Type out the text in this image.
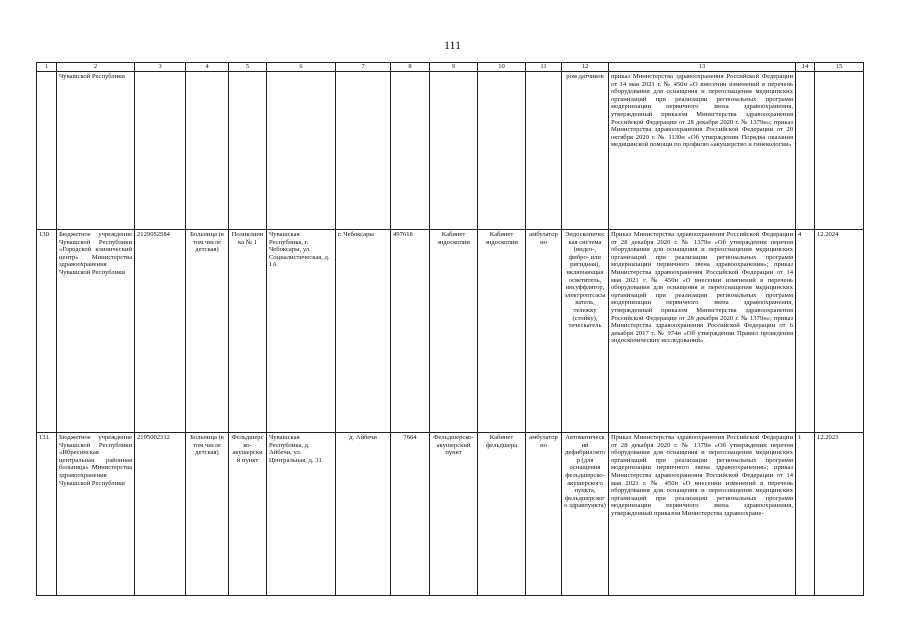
111
1	2	3	4	5	6	7	8	9	10	11	12	13	14	15
	Чувашской Республики										ром датчиков	приказ Министерства здравоохранения Российской Федерации от 14 мая 2021 г. № 450н «О внесении изменений в перечень оборудования для оснащения и переоснащения медицинских организаций при реализации региональных программ модернизации первичного звена здравоохранения, утвержденный приказом Министерства здравоохранения Российской Федерации от 28 декабря 2020 г. № 1379н»; приказ Министерства здравоохранения Российской Федерации от 20 октября 2020 г. № 1130н «Об утверждении Порядка оказания медицинской помощи по профилю «акушерство и гинекология»		
130.	Бюджетное учреждение Чувашской Республики «Городской клинический центр» Министерства здравоохранения Чувашской Республики	2129052584	Больница (в том числе детская)	Поликлиника № 1	Чувашская Республика, г. Чебоксары, ул. Социалистическая, д. 1А	г. Чебоксары	497618	Кабинет эндоскопии	Кабинет эндоскопии	амбулаторно	Эндоскопическая система (видео-, фибро- или ригидная), включающая осветитель, инсуффлятор, электроотсасыватель, тележку (стойку), теческатель	Приказ Министерства здравоохранения Российской Федерации от 28 декабря 2020 г. № 1379н «Об утверждении перечня оборудования для оснащения и переоснащения медицинских организаций при реализации региональных программ модернизации первичного звена здравоохранения»; приказ Министерства здравоохранения Российской Федерации от 14 мая 2021 г. № 450н «О внесении изменений в перечень оборудования для оснащения и переоснащения медицинских организаций при реализации региональных программ модернизации первичного звена здравоохранения, утвержденный приказом Министерства здравоохранения Российской Федерации от 28 декабря 2020 г. № 1379н»; приказ Министерства здравоохранения Российской Федерации от 6 декабря 2017 г. № 974н «Об утверждении Правил проведения эндоскопических исследований»	4	12.2024
131.	Бюджетное учреждение Чувашской Республики «Ибресинская центральная районная больница» Министерства здравоохранения Чувашской Республики	2105002312	Больница (в том числе детская)	Фельдшерско-акушерский пункт	Чувашская Республика, д. Айбечи, ул. Центральная, д. 31	д. Айбечи	7664	Фельдшерско-акушерский пункт	Кабинет фельдшера	амбулаторно	Автоматический дефибриллятор (для оснащения фельдшерско-акушерского пункта, фельдшерского здравпункта)	Приказ Министерства здравоохранения Российской Федерации от 28 декабря 2020 г. № 1379н «Об утверждении перечня оборудования для оснащения и переоснащения медицинских организаций при реализации региональных программ модернизации первичного звена здравоохранения»; приказ Министерства здравоохранения Российской Федерации от 14 мая 2021 г. № 450н «О внесении изменений в перечень оборудования для оснащения и переоснащения медицинских организаций при реализации региональных программ модернизации первичного звена здравоохранения, утвержденный приказом Министерства здравоохране-	1	12.2023
